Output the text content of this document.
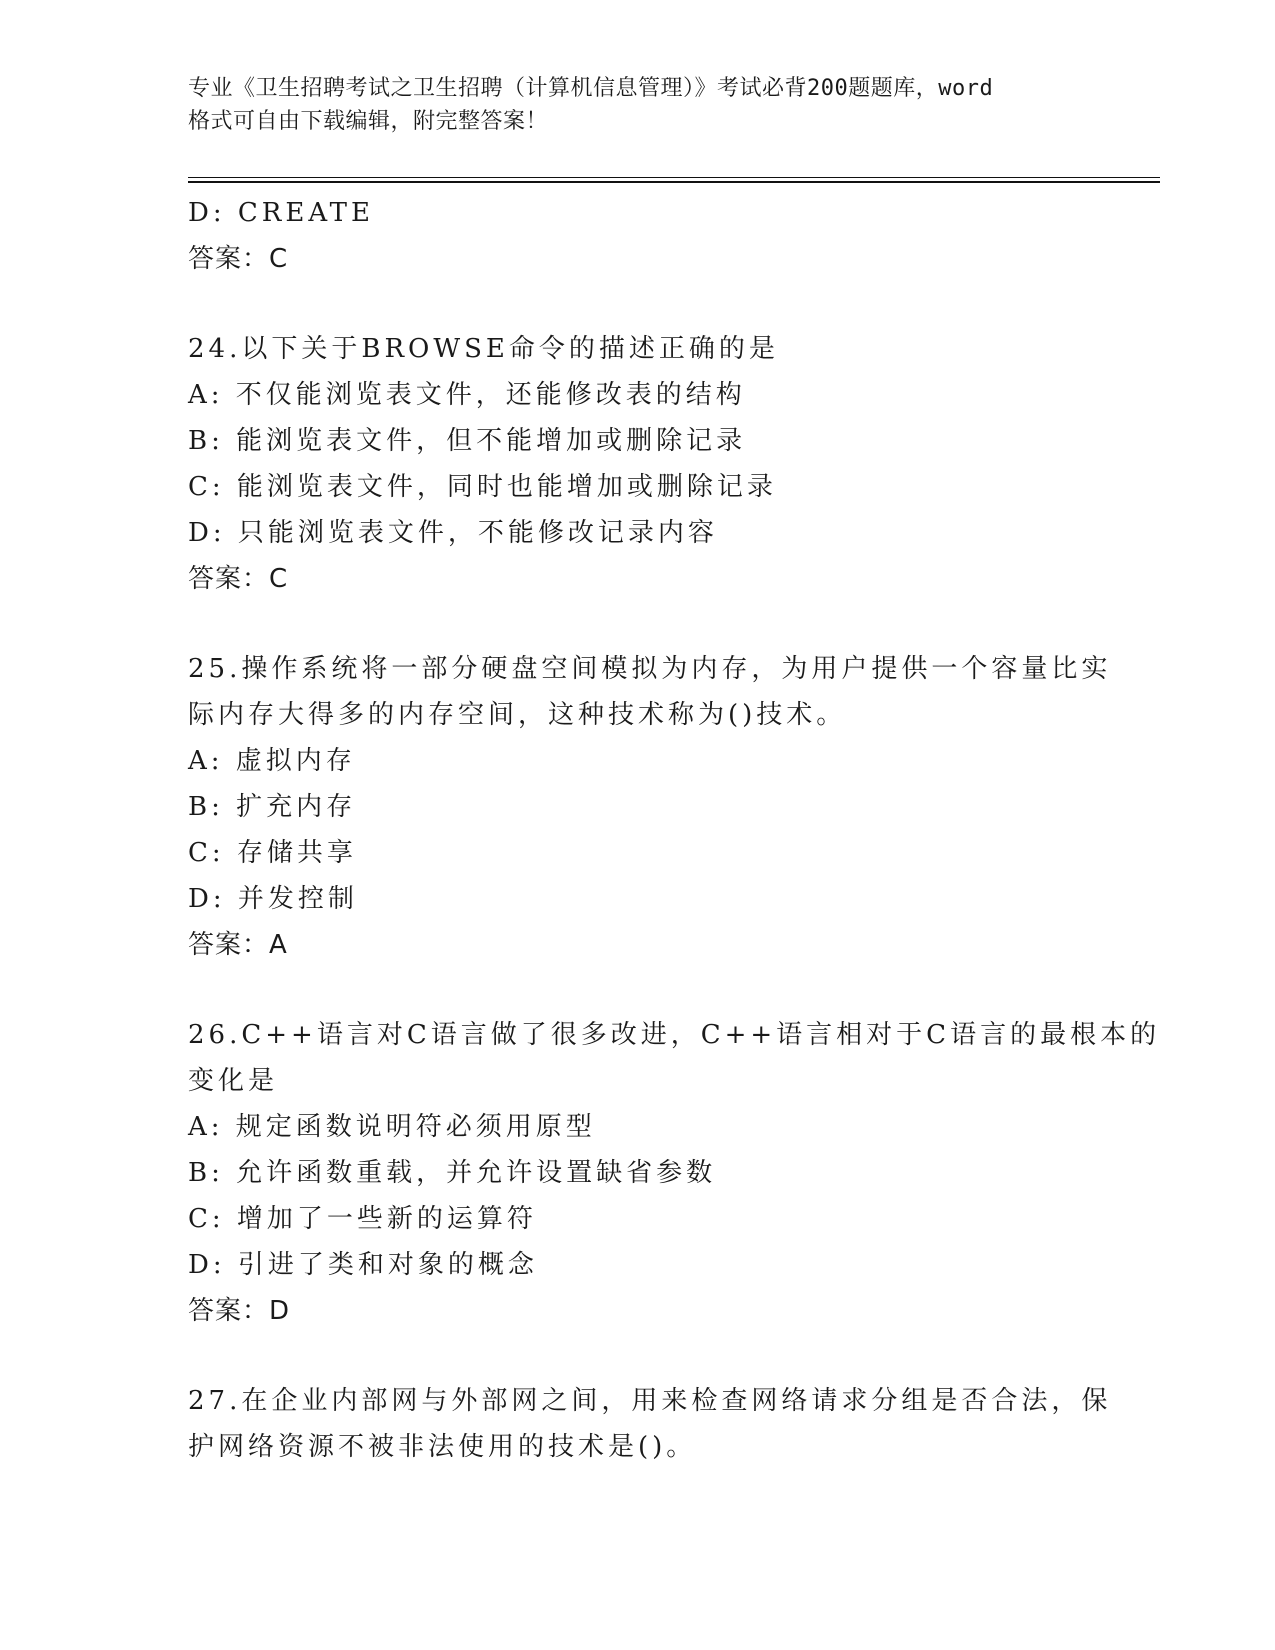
专业《卫生招聘考试之卫生招聘（计算机信息管理）》考试必背200题题库，word
格式可自由下载编辑，附完整答案！
D: CREATE
答案：C
24.以下关于BROWSE命令的描述正确的是
A: 不仅能浏览表文件，还能修改表的结构
B: 能浏览表文件，但不能增加或删除记录
C: 能浏览表文件，同时也能增加或删除记录
D: 只能浏览表文件，不能修改记录内容
答案：C
25.操作系统将一部分硬盘空间模拟为内存，为用户提供一个容量比实
际内存大得多的内存空间，这种技术称为()技术。
A: 虚拟内存
B: 扩充内存
C: 存储共享
D: 并发控制
答案：A
26.C++语言对C语言做了很多改进，C++语言相对于C语言的最根本的
变化是
A: 规定函数说明符必须用原型
B: 允许函数重载，并允许设置缺省参数
C: 增加了一些新的运算符
D: 引进了类和对象的概念
答案：D
27.在企业内部网与外部网之间，用来检查网络请求分组是否合法，保
护网络资源不被非法使用的技术是()。
